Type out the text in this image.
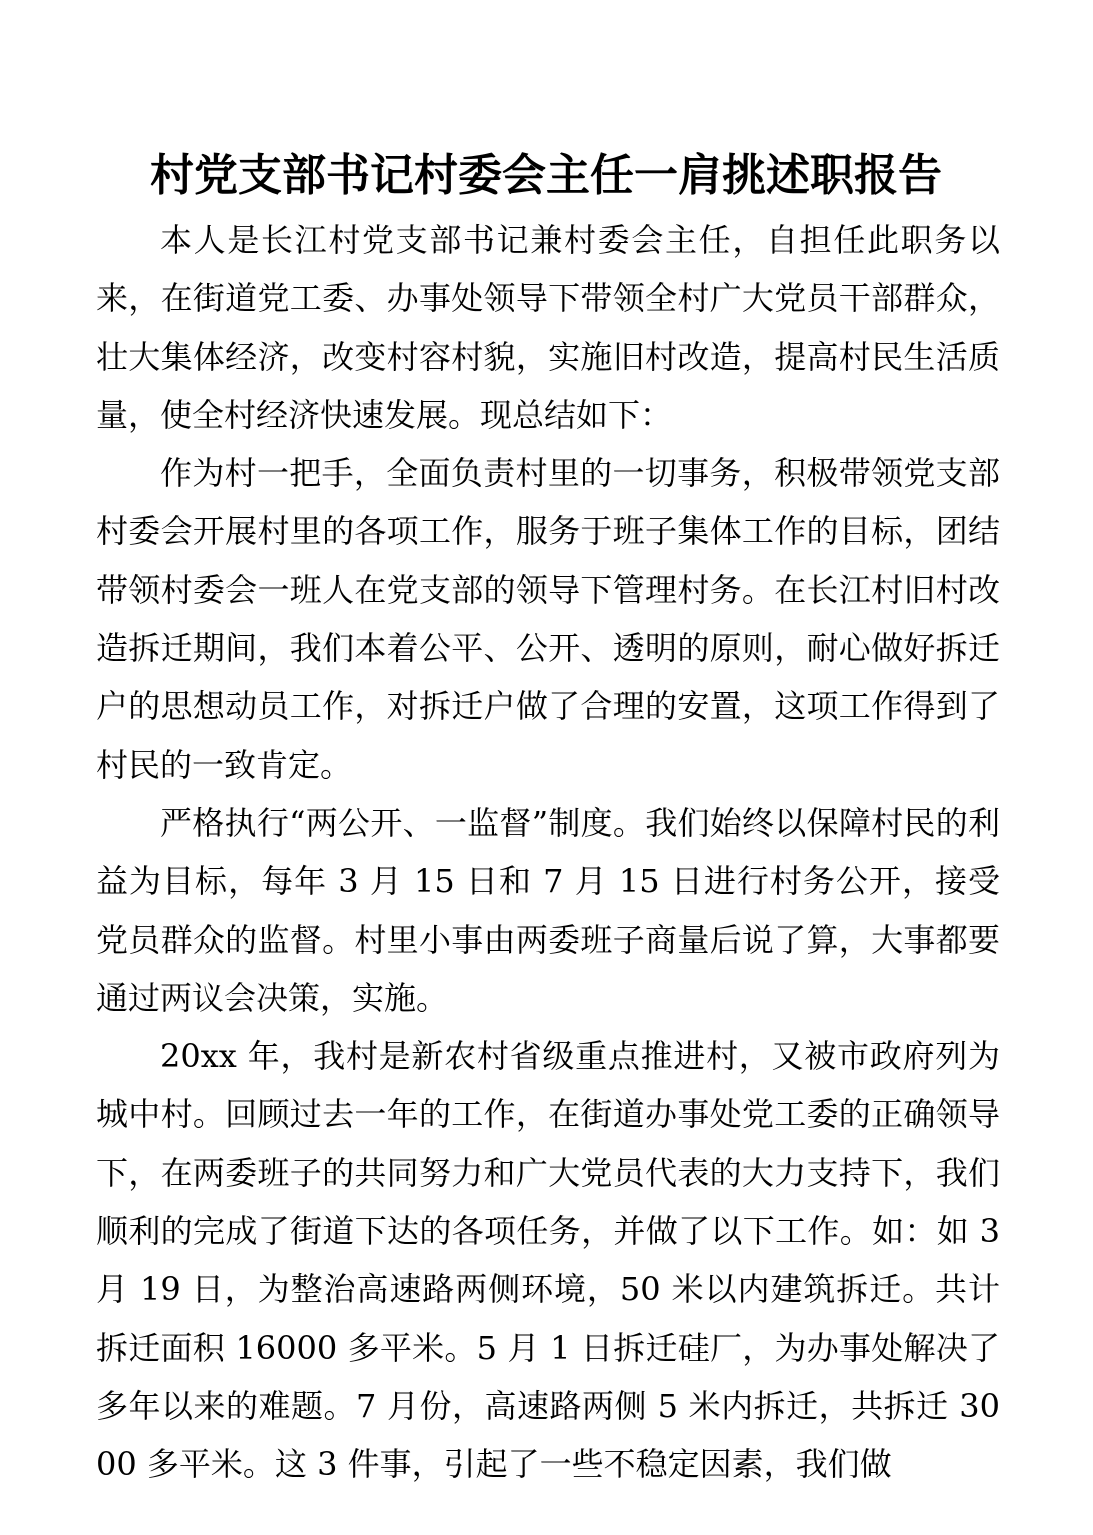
村党支部书记村委会主任一肩挑述职报告

本人是长江村党支部书记兼村委会主任，自担任此职务以来，在街道党工委、办事处领导下带领全村广大党员干部群众，壮大集体经济，改变村容村貌，实施旧村改造，提高村民生活质量，使全村经济快速发展。现总结如下：

作为村一把手，全面负责村里的一切事务，积极带领党支部村委会开展村里的各项工作，服务于班子集体工作的目标，团结带领村委会一班人在党支部的领导下管理村务。在长江村旧村改造拆迁期间，我们本着公平、公开、透明的原则，耐心做好拆迁户的思想动员工作，对拆迁户做了合理的安置，这项工作得到了村民的一致肯定。

严格执行“两公开、一监督”制度。我们始终以保障村民的利益为目标，每年 3 月 15 日和 7 月 15 日进行村务公开，接受党员群众的监督。村里小事由两委班子商量后说了算，大事都要通过两议会决策，实施。

20xx 年，我村是新农村省级重点推进村，又被市政府列为城中村。回顾过去一年的工作，在街道办事处党工委的正确领导下，在两委班子的共同努力和广大党员代表的大力支持下，我们顺利的完成了街道下达的各项任务，并做了以下工作。如：如 3 月 19 日，为整治高速路两侧环境，50 米以内建筑拆迁。共计拆迁面积 16000 多平米。5 月 1 日拆迁硅厂，为办事处解决了多年以来的难题。7 月份，高速路两侧 5 米内拆迁，共拆迁 3000 多平米。这 3 件事，引起了一些不稳定因素，我们做
